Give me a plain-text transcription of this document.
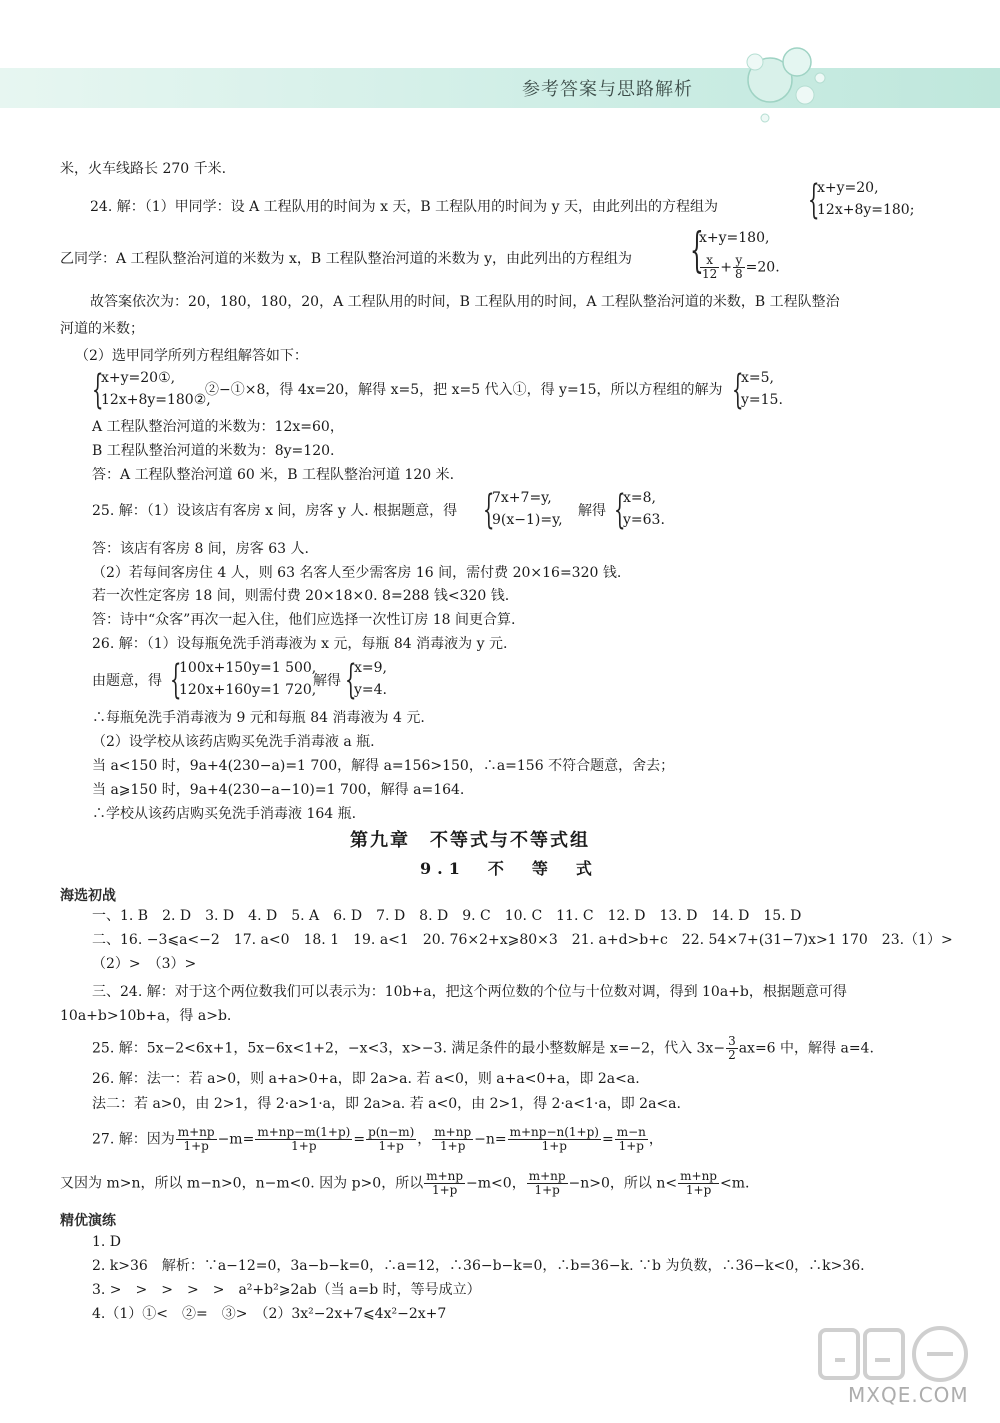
参考答案与思路解析
米，火车线路长 270 千米.
24. 解：（1）甲同学：设 A 工程队用的时间为 x 天，B 工程队用的时间为 y 天，由此列出的方程组为 {
x+y=20,
12x+8y=180;
乙同学：A 工程队整治河道的米数为 x，B 工程队整治河道的米数为 y，由此列出的方程组为 {
x+y=180,
$\frac{x}{12} + \frac{y}{8} =20$.
故答案依次为：20，180，180，20，A 工程队用的时间，B 工程队用的时间，A 工程队整治河道的米数，B 工程队整治
河道的米数；
（2）选甲同学所列方程组解答如下：
{
x+y=20①,
12x+8y=180②,
②−①×8，得 4x=20，解得 x=5，把 x=5 代入①，得 y=15，所以方程组的解为 {
x=5,
y=15.
A 工程队整治河道的米数为：12x=60，
B 工程队整治河道的米数为：8y=120.
答：A 工程队整治河道 60 米，B 工程队整治河道 120 米.
25. 解：（1）设该店有客房 x 间，房客 y 人. 根据题意，得 {
7x+7=y,
9(x−1)=y,
解得 {
x=8,
y=63.
答：该店有客房 8 间，房客 63 人.
（2）若每间客房住 4 人，则 63 名客人至少需客房 16 间，需付费 20×16=320 钱.
若一次性定客房 18 间，则需付费 20×18×0. 8=288 钱<320 钱.
答：诗中“众客”再次一起入住，他们应选择一次性订房 18 间更合算.
26. 解：（1）设每瓶免洗手消毒液为 x 元，每瓶 84 消毒液为 y 元.
由题意，得 {
100x+150y=1 500,
120x+160y=1 720,
解得 {
x=9,
y=4.
∴每瓶免洗手消毒液为 9 元和每瓶 84 消毒液为 4 元.
（2）设学校从该药店购买免洗手消毒液 a 瓶.
当 a<150 时，9a+4(230−a)=1 700，解得 a=156>150，∴a=156 不符合题意，舍去；
当 a⩾150 时，9a+4(230−a−10)=1 700，解得 a=164.
∴学校从该药店购买免洗手消毒液 164 瓶.
第九章　不等式与不等式组
9.1　不　等　式
海选初战
一、1. B　2. D　3. D　4. D　5. A　6. D　7. D　8. D　9. C　10. C　11. C　12. D　13. D　14. D　15. D
二、16. −3⩽a<−2　17. a<0　18. 1　19. a<1　20. 76×2+x⩾80×3　21. a+d>b+c　22. 54×7+(31−7)x>1 170　23.（1）>
（2）>　（3）>
三、24. 解：对于这个两位数我们可以表示为：10b+a，把这个两位数的个位与十位数对调，得到 10a+b，根据题意可得
10a+b>10b+a，得 a>b.
25. 解：5x−2<6x+1，5x−6x<1+2，−x<3，x>−3. 满足条件的最小整数解是 x=−2，代入 $3x- \frac{3}{2} ax=6$ 中，解得 a=4.
26. 解：法一：若 a>0，则 a+a>0+a，即 2a>a. 若 a<0，则 a+a<0+a，即 2a<a.
法二：若 a>0，由 2>1，得 2·a>1·a，即 2a>a. 若 a<0，由 2>1，得 2·a<1·a，即 2a<a.
27. 解：因为 $\frac{m+np}{1+p} -m= \frac{m+np-m(1+p)}{1+p} = \frac{p(n-m)}{1+p}$ ， $\frac{m+np}{1+p} -n= \frac{m+np-n(1+p)}{1+p} = \frac{m-n}{1+p}$ ，
又因为 m>n，所以 m−n>0，n−m<0. 因为 p>0，所以 $\frac{m+np}{1+p} -m<0$， $\frac{m+np}{1+p} -n>0$，所以 $n< \frac{m+np}{1+p} <m$.
精优演练
1. D
2. k>36　解析：∵a−12=0，3a−b−k=0，∴a=12，∴36−b−k=0，∴b=36−k. ∵b 为负数，∴36−k<0，∴k>36.
3. >　>　>　>　>　a²+b²⩾2ab（当 a=b 时，等号成立）
4.（1）①<　②=　③>　（2）3x²−2x+7⩽4x²−2x+7
MXQE.COM
